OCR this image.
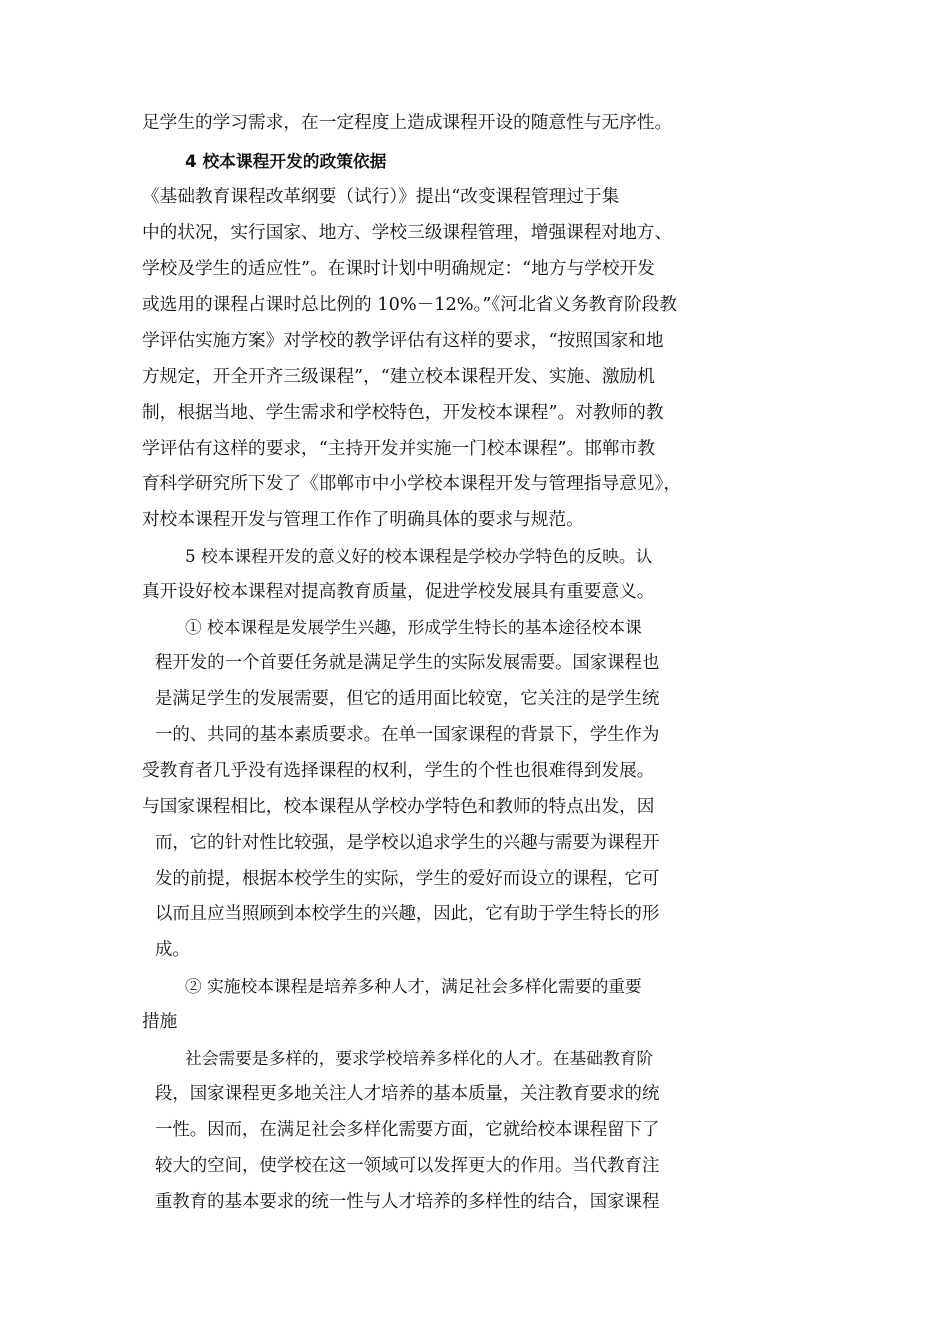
足学生的学习需求，在一定程度上造成课程开设的随意性与无序性。
4 校本课程开发的政策依据
《基础教育课程改革纲要（试行）》提出“改变课程管理过于集
中的状况，实行国家、地方、学校三级课程管理，增强课程对地方、
学校及学生的适应性”。在课时计划中明确规定：“地方与学校开发
或选用的课程占课时总比例的 10%－12%。”《河北省义务教育阶段教
学评估实施方案》对学校的教学评估有这样的要求，“按照国家和地
方规定，开全开齐三级课程”，“建立校本课程开发、实施、激励机
制，根据当地、学生需求和学校特色，开发校本课程”。对教师的教
学评估有这样的要求，“主持开发并实施一门校本课程”。邯郸市教
育科学研究所下发了《邯郸市中小学校本课程开发与管理指导意见》，
对校本课程开发与管理工作作了明确具体的要求与规范。
5 校本课程开发的意义好的校本课程是学校办学特色的反映。认
真开设好校本课程对提高教育质量，促进学校发展具有重要意义。
① 校本课程是发展学生兴趣，形成学生特长的基本途径校本课
程开发的一个首要任务就是满足学生的实际发展需要。国家课程也
是满足学生的发展需要，但它的适用面比较宽，它关注的是学生统
一的、共同的基本素质要求。在单一国家课程的背景下，学生作为
受教育者几乎没有选择课程的权利，学生的个性也很难得到发展。
与国家课程相比，校本课程从学校办学特色和教师的特点出发，因
而，它的针对性比较强，是学校以追求学生的兴趣与需要为课程开
发的前提，根据本校学生的实际，学生的爱好而设立的课程，它可
以而且应当照顾到本校学生的兴趣，因此，它有助于学生特长的形
成。
② 实施校本课程是培养多种人才，满足社会多样化需要的重要
措施
社会需要是多样的，要求学校培养多样化的人才。在基础教育阶
段，国家课程更多地关注人才培养的基本质量，关注教育要求的统
一性。因而，在满足社会多样化需要方面，它就给校本课程留下了
较大的空间，使学校在这一领域可以发挥更大的作用。当代教育注
重教育的基本要求的统一性与人才培养的多样性的结合，国家课程
